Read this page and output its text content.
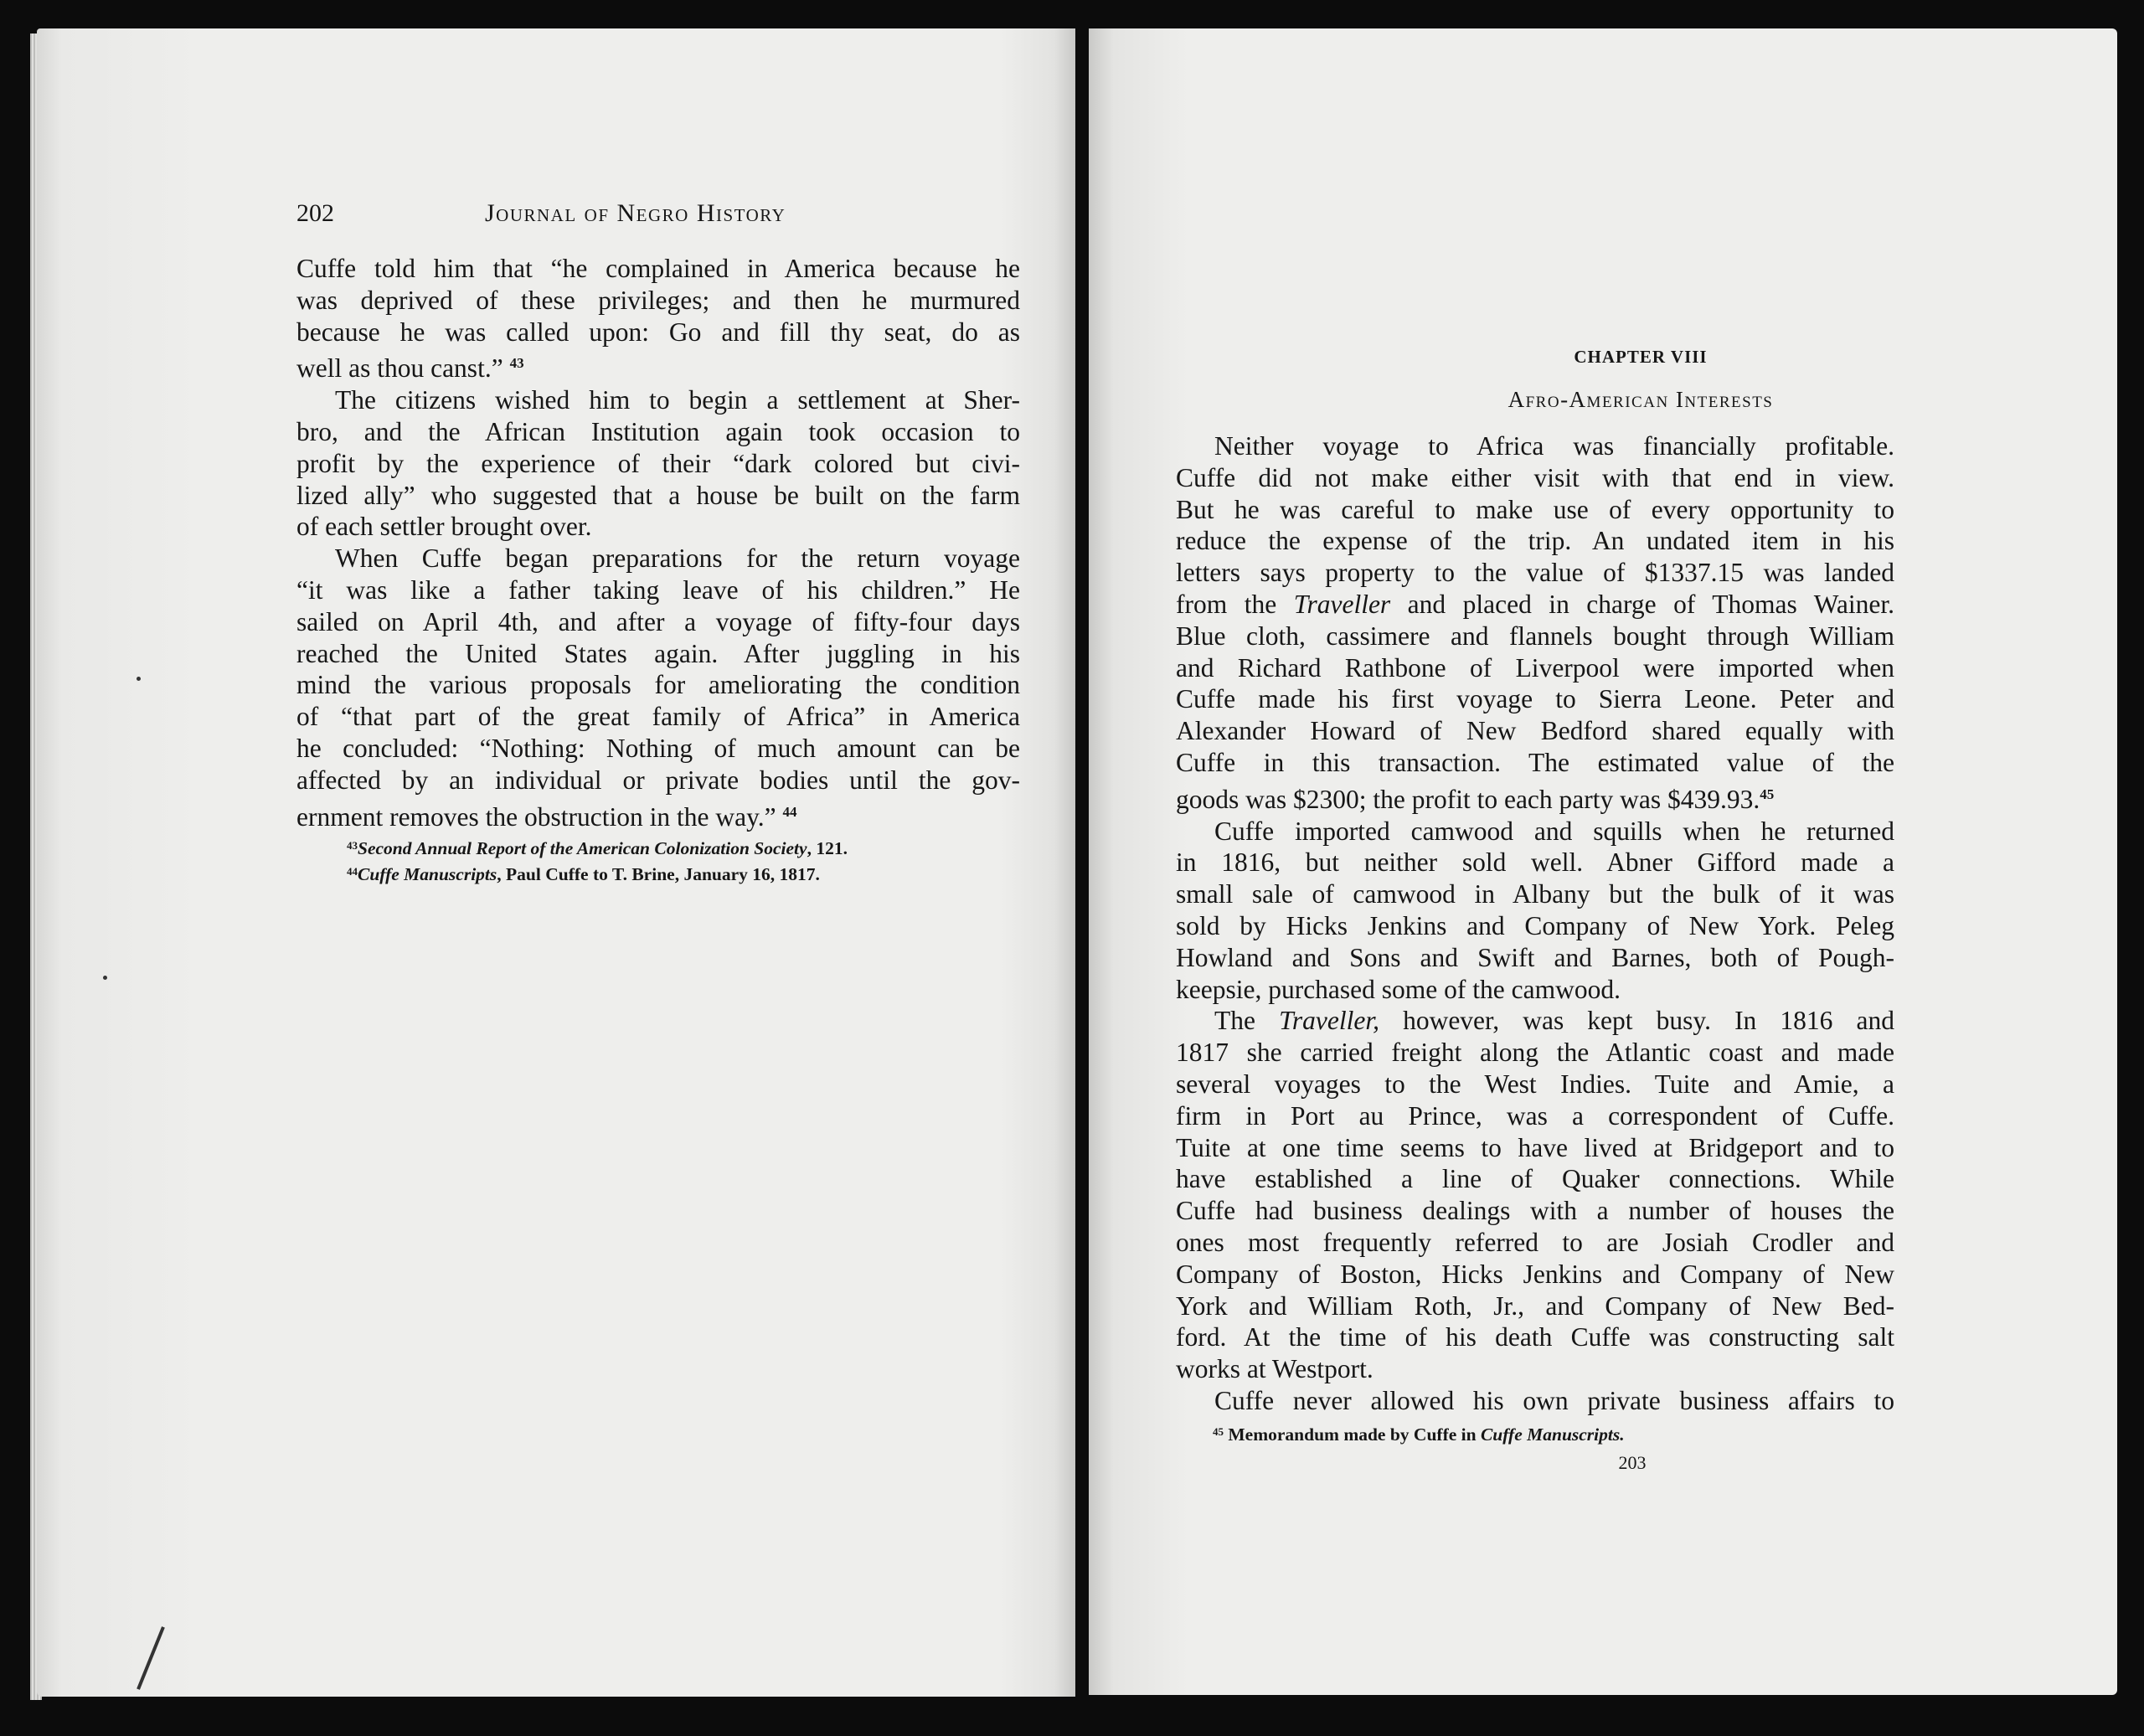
202	Journal of Negro History
Cuffe told him that “he complained in America because he
was deprived of these privileges; and then he murmured
because he was called upon: Go and fill thy seat, do as
well as thou canst.” $^{43}$
The citizens wished him to begin a settlement at Sher-
bro, and the African Institution again took occasion to
profit by the experience of their “dark colored but civi-
lized ally” who suggested that a house be built on the farm
of each settler brought over.
When Cuffe began preparations for the return voyage
“it was like a father taking leave of his children.” He
sailed on April 4th, and after a voyage of fifty-four days
reached the United States again. After juggling in his
mind the various proposals for ameliorating the condition
of “that part of the great family of Africa” in America
he concluded: “Nothing: Nothing of much amount can be
affected by an individual or private bodies until the gov-
ernment removes the obstruction in the way.” $^{44}$
$^{43}$Second Annual Report of the American Colonization Society, 121.
$^{44}$Cuffe Manuscripts, Paul Cuffe to T. Brine, January 16, 1817.
CHAPTER VIII
Afro-American Interests
Neither voyage to Africa was financially profitable.
Cuffe did not make either visit with that end in view.
But he was careful to make use of every opportunity to
reduce the expense of the trip. An undated item in his
letters says property to the value of $1337.15 was landed
from the Traveller and placed in charge of Thomas Wainer.
Blue cloth, cassimere and flannels bought through William
and Richard Rathbone of Liverpool were imported when
Cuffe made his first voyage to Sierra Leone. Peter and
Alexander Howard of New Bedford shared equally with
Cuffe in this transaction. The estimated value of the
goods was $2300; the profit to each party was $439.93.45
Cuffe imported camwood and squills when he returned
in 1816, but neither sold well. Abner Gifford made a
small sale of camwood in Albany but the bulk of it was
sold by Hicks Jenkins and Company of New York. Peleg
Howland and Sons and Swift and Barnes, both of Pough-
keepsie, purchased some of the camwood.
The Traveller, however, was kept busy. In 1816 and
1817 she carried freight along the Atlantic coast and made
several voyages to the West Indies. Tuite and Amie, a
firm in Port au Prince, was a correspondent of Cuffe.
Tuite at one time seems to have lived at Bridgeport and to
have established a line of Quaker connections. While
Cuffe had business dealings with a number of houses the
ones most frequently referred to are Josiah Crodler and
Company of Boston, Hicks Jenkins and Company of New
York and William Roth, Jr., and Company of New Bed-
ford. At the time of his death Cuffe was constructing salt
works at Westport.
Cuffe never allowed his own private business affairs to
$^{45}$ Memorandum made by Cuffe in Cuffe Manuscripts.
203
